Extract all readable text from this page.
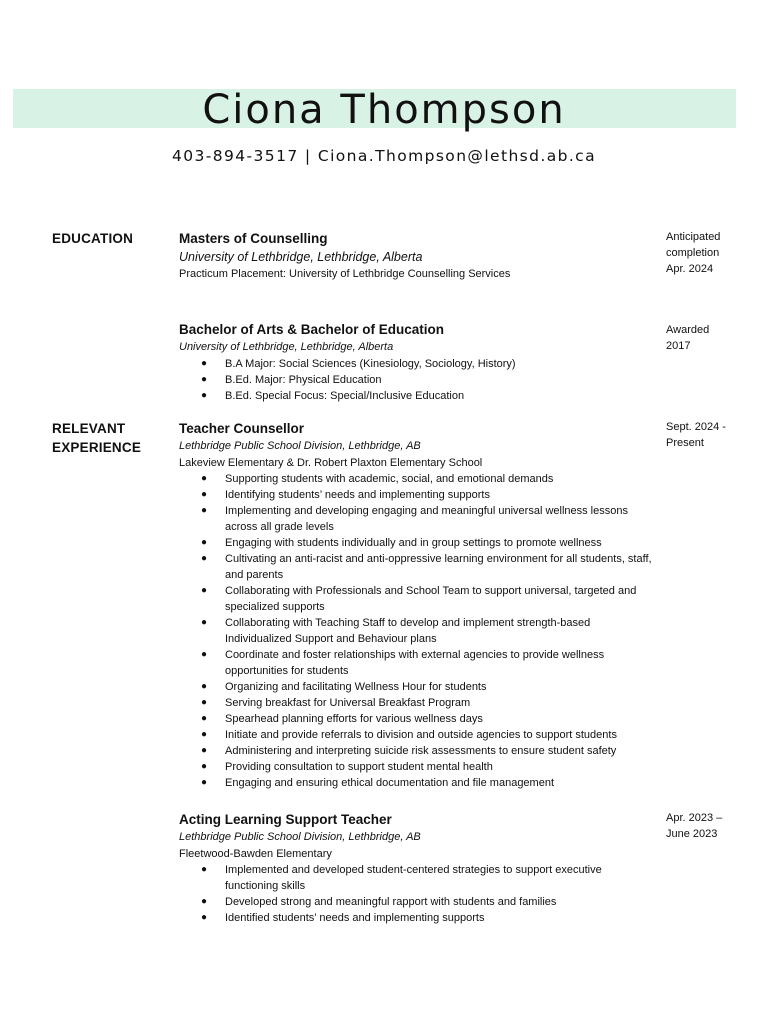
Ciona Thompson
403-894-3517 | Ciona.Thompson@lethsd.ab.ca
EDUCATION
RELEVANT
EXPERIENCE

Masters of Counselling

University of Lethbridge, Lethbridge, Alberta

Practicum Placement: University of Lethbridge Counselling Services

Anticipated
completion
Apr. 2024

Bachelor of Arts & Bachelor of Education

University of Lethbridge, Lethbridge, Alberta

● B.A Major: Social Sciences (Kinesiology, Sociology, History)
● B.Ed. Major: Physical Education
● B.Ed. Special Focus: Special/Inclusive Education
Awarded
2017

Teacher Counsellor

Lethbridge Public School Division, Lethbridge, AB

Lakeview Elementary & Dr. Robert Plaxton Elementary School

● Supporting students with academic, social, and emotional demands
● Identifying students’ needs and implementing supports
● Implementing and developing engaging and meaningful universal wellness lessons across all grade levels
● Engaging with students individually and in group settings to promote wellness
● Cultivating an anti-racist and anti-oppressive learning environment for all students, staff, and parents
● Collaborating with Professionals and School Team to support universal, targeted and specialized supports
● Collaborating with Teaching Staff to develop and implement strength-based Individualized Support and Behaviour plans
● Coordinate and foster relationships with external agencies to provide wellness opportunities for students
● Organizing and facilitating Wellness Hour for students
● Serving breakfast for Universal Breakfast Program
● Spearhead planning efforts for various wellness days
● Initiate and provide referrals to division and outside agencies to support students
● Administering and interpreting suicide risk assessments to ensure student safety
● Providing consultation to support student mental health
● Engaging and ensuring ethical documentation and file management
Sept. 2024 -
Present

Acting Learning Support Teacher

Lethbridge Public School Division, Lethbridge, AB

Fleetwood-Bawden Elementary

● Implemented and developed student-centered strategies to support executive functioning skills
● Developed strong and meaningful rapport with students and families
● Identified students’ needs and implementing supports
Apr. 2023 –
June 2023
